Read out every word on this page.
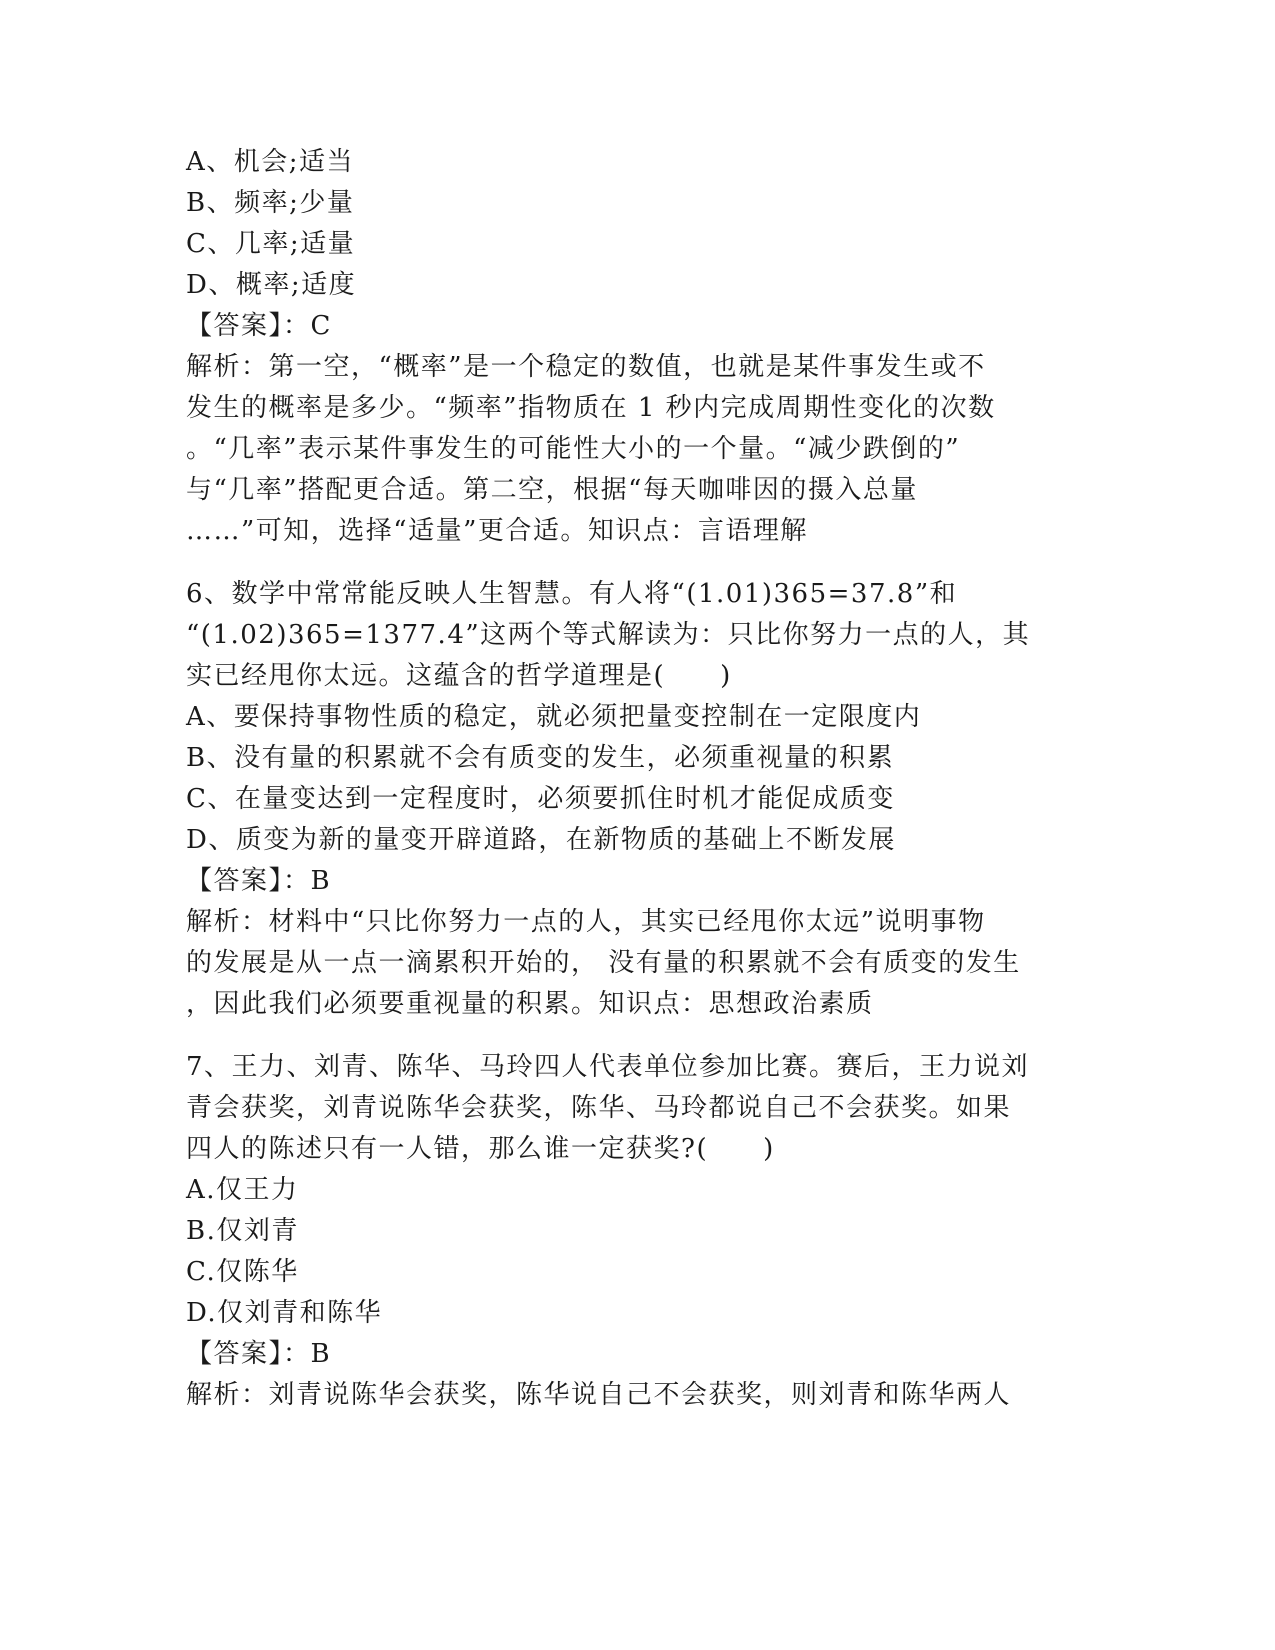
A、机会;适当
B、频率;少量
C、几率;适量
D、概率;适度
【答案】：C
解析：第一空，“概率”是一个稳定的数值，也就是某件事发生或不
发生的概率是多少。“频率”指物质在 1 秒内完成周期性变化的次数
。“几率”表示某件事发生的可能性大小的一个量。“减少跌倒的”
与“几率”搭配更合适。第二空，根据“每天咖啡因的摄入总量
……”可知，选择“适量”更合适。知识点：言语理解
6、数学中常常能反映人生智慧。有人将“(1.01)365=37.8”和
“(1.02)365=1377.4”这两个等式解读为：只比你努力一点的人，其
实已经甩你太远。这蕴含的哲学道理是(　　)
A、要保持事物性质的稳定，就必须把量变控制在一定限度内
B、没有量的积累就不会有质变的发生，必须重视量的积累
C、在量变达到一定程度时，必须要抓住时机才能促成质变
D、质变为新的量变开辟道路，在新物质的基础上不断发展
【答案】：B
解析：材料中“只比你努力一点的人，其实已经甩你太远”说明事物
的发展是从一点一滴累积开始的， 没有量的积累就不会有质变的发生
，因此我们必须要重视量的积累。知识点：思想政治素质
7、王力、刘青、陈华、马玲四人代表单位参加比赛。赛后，王力说刘
青会获奖，刘青说陈华会获奖，陈华、马玲都说自己不会获奖。如果
四人的陈述只有一人错，那么谁一定获奖?(　　)
A.仅王力
B.仅刘青
C.仅陈华
D.仅刘青和陈华
【答案】：B
解析：刘青说陈华会获奖，陈华说自己不会获奖，则刘青和陈华两人
